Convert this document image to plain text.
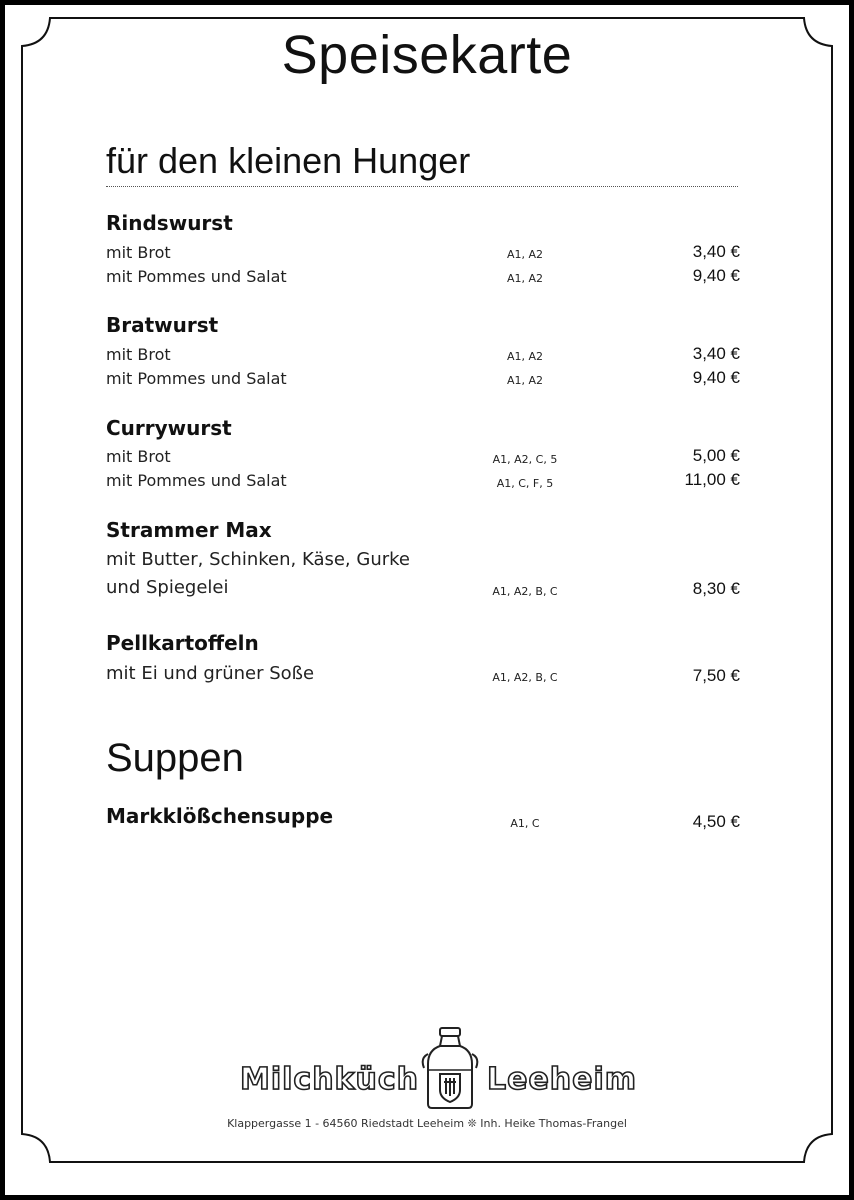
Speisekarte
für den kleinen Hunger
Rindswurst
mit Brot	A1, A2	3,40 €
mit Pommes und Salat	A1, A2	9,40 €
Bratwurst
mit Brot	A1, A2	3,40 €
mit Pommes und Salat	A1, A2	9,40 €
Currywurst
mit Brot	A1, A2, C, 5	5,00 €
mit Pommes und Salat	A1, C, F, 5	11,00 €
Strammer Max
mit Butter, Schinken, Käse, Gurke
und Spiegelei	A1, A2, B, C	8,30 €
Pellkartoffeln
mit Ei und grüner Soße	A1, A2, B, C	7,50 €
Suppen
Markklößchensuppe	A1, C	4,50 €
Milchküch Leeheim
Klappergasse 1 - 64560 Riedstadt Leeheim ❊ Inh. Heike Thomas-Frangel
